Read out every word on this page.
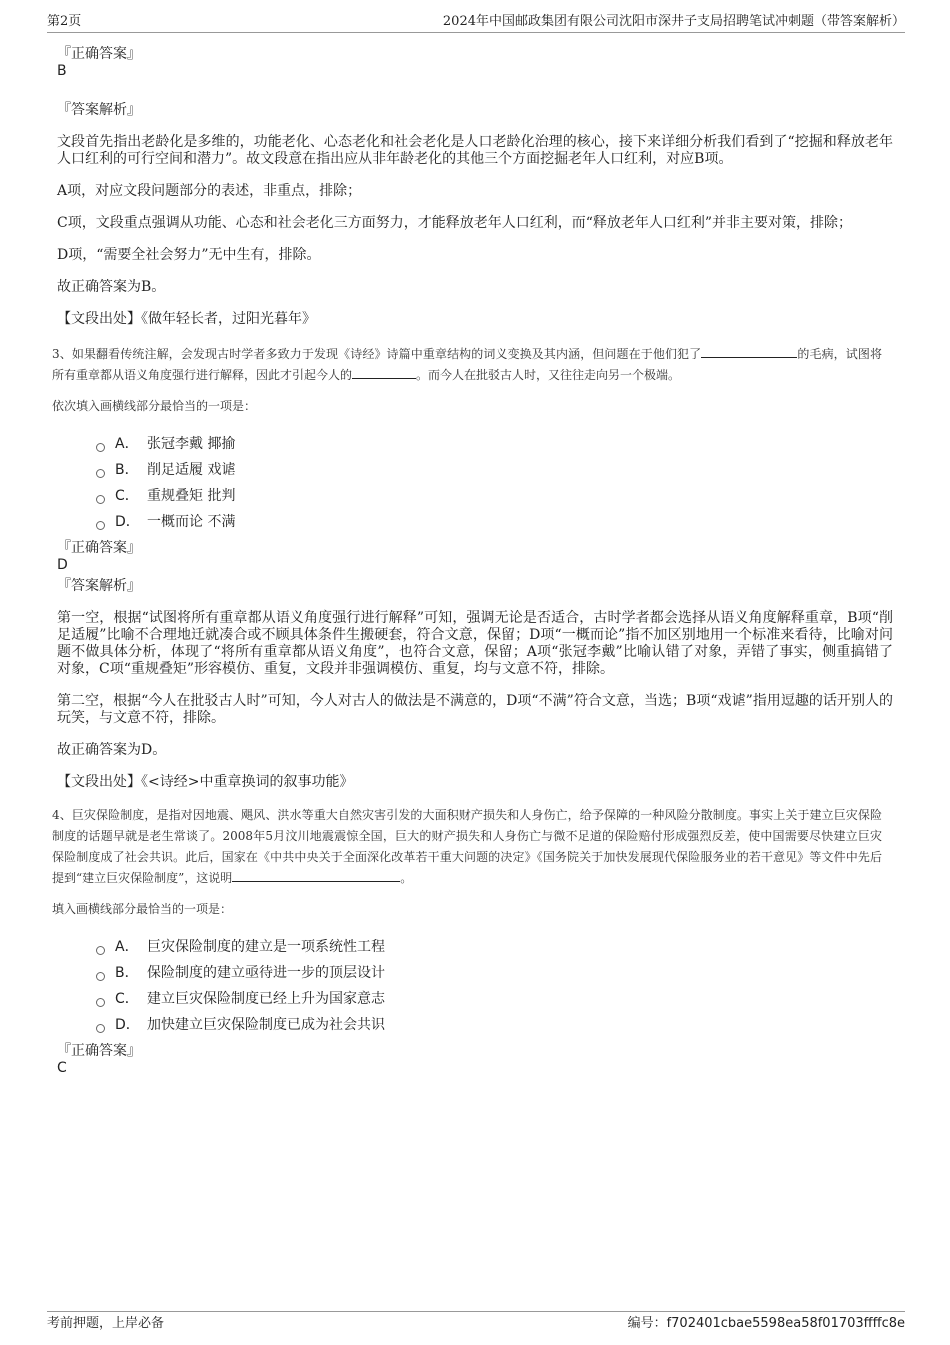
第2页	2024年中国邮政集团有限公司沈阳市深井子支局招聘笔试冲刺题（带答案解析）

『正确答案』

B

『答案解析』

文段首先指出老龄化是多维的，功能老化、心态老化和社会老化是人口老龄化治理的核心，接下来详细分析我们看到了“挖掘和释放老年人口红利的可行空间和潜力”。故文段意在指出应从非年龄老化的其他三个方面挖掘老年人口红利，对应B项。

A项，对应文段问题部分的表述，非重点，排除；

C项，文段重点强调从功能、心态和社会老化三方面努力，才能释放老年人口红利，而“释放老年人口红利”并非主要对策，排除；

D项，“需要全社会努力”无中生有，排除。

故正确答案为B。

【文段出处】《做年轻长者，过阳光暮年》

3、如果翻看传统注解，会发现古时学者多致力于发现《诗经》诗篇中重章结构的词义变换及其内涵，但问题在于他们犯了	的毛病，试图将所有重章都从语义角度强行进行解释，因此才引起今人的	。而今人在批驳古人时，又往往走向另一个极端。

依次填入画横线部分最恰当的一项是：

A． 张冠李戴 揶揄
B． 削足适履 戏谑
C． 重规叠矩 批判
D． 一概而论 不满

『正确答案』

D

『答案解析』

第一空，根据“试图将所有重章都从语义角度强行进行解释”可知，强调无论是否适合，古时学者都会选择从语义角度解释重章，B项“削足适履”比喻不合理地迁就凑合或不顾具体条件生搬硬套，符合文意，保留；D项“一概而论”指不加区别地用一个标准来看待，比喻对问题不做具体分析，体现了“将所有重章都从语义角度”，也符合文意，保留；A项“张冠李戴”比喻认错了对象，弄错了事实，侧重搞错了对象，C项“重规叠矩”形容模仿、重复，文段并非强调模仿、重复，均与文意不符，排除。

第二空，根据“今人在批驳古人时”可知，今人对古人的做法是不满意的，D项“不满”符合文意，当选；B项“戏谑”指用逗趣的话开别人的玩笑，与文意不符，排除。

故正确答案为D。

【文段出处】《<诗经>中重章换词的叙事功能》

4、巨灾保险制度，是指对因地震、飓风、洪水等重大自然灾害引发的大面积财产损失和人身伤亡，给予保障的一种风险分散制度。事实上关于建立巨灾保险制度的话题早就是老生常谈了。2008年5月汶川地震震惊全国，巨大的财产损失和人身伤亡与微不足道的保险赔付形成强烈反差，使中国需要尽快建立巨灾保险制度成了社会共识。此后，国家在《中共中央关于全面深化改革若干重大问题的决定》《国务院关于加快发展现代保险服务业的若干意见》等文件中先后提到“建立巨灾保险制度”，这说明	。

填入画横线部分最恰当的一项是：

A． 巨灾保险制度的建立是一项系统性工程
B． 保险制度的建立亟待进一步的顶层设计
C． 建立巨灾保险制度已经上升为国家意志
D． 加快建立巨灾保险制度已成为社会共识

『正确答案』

C

考前押题，上岸必备	编号：f702401cbae5598ea58f01703ffffc8e
